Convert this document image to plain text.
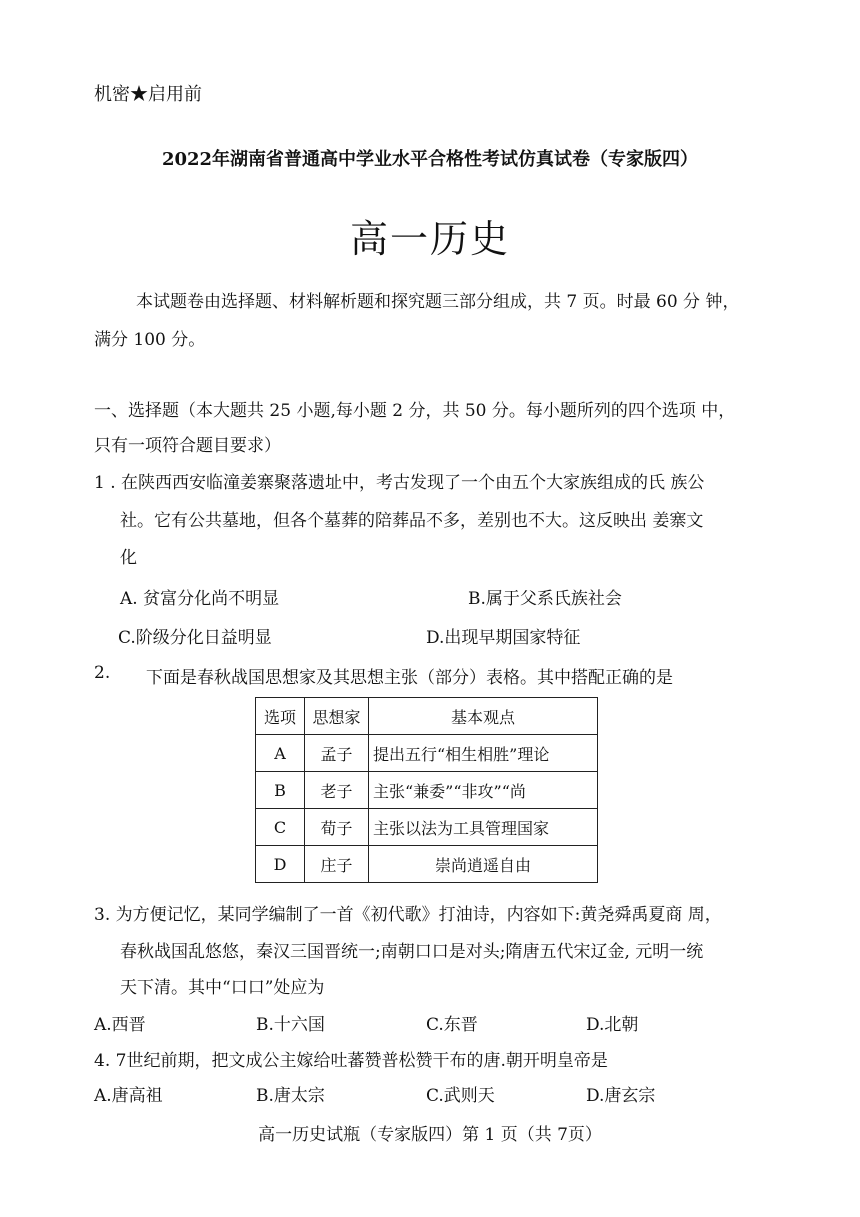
机密★启用前
2022年湖南省普通高中学业水平合格性考试仿真试卷（专家版四）
高一历史
本试题卷由选择题、材料解析题和探究题三部分组成，共 7 页。时最 60 分 钟，
满分 100 分。
一、选择题（本大题共 25 小题,每小题 2 分，共 50 分。每小题所列的四个选项 中，
只有一项符合题目要求）
1 . 在陕西西安临潼姜寨聚落遗址中，考古发现了一个由五个大家族组成的氏 族公
社。它有公共墓地，但各个墓葬的陪葬品不多，差别也不大。这反映出 姜寨文
化
A. 贫富分化尚不明显	B.属于父系氏族社会
C.阶级分化日益明显	D.出现早期国家特征
2. 下面是春秋战国思想家及其思想主张（部分）表格。其中搭配正确的是
选项	思想家	基本观点
A	孟子	提出五行“相生相胜”理论
B	老子	主张“兼委”“非攻”“尚
C	荀子	主张以法为工具管理国家
D	庄子	崇尚逍遥自由
3. 为方便记忆，某同学编制了一首《初代歌》打油诗，内容如下:黄尧舜禹夏商 周，
春秋战国乱悠悠，秦汉三国晋统一;南朝口口是对头;隋唐五代宋辽金, 元明一统
天下清。其中“口口”处应为
A.西晋	B.十六国	C.东晋	D.北朝
4. 7世纪前期，把文成公主嫁给吐蕃赞普松赞干布的唐.朝开明皇帝是
A.唐高祖	B.唐太宗	C.武则天	D.唐玄宗
高一历史试瓶（专家版四）第 1 页（共 7页）
